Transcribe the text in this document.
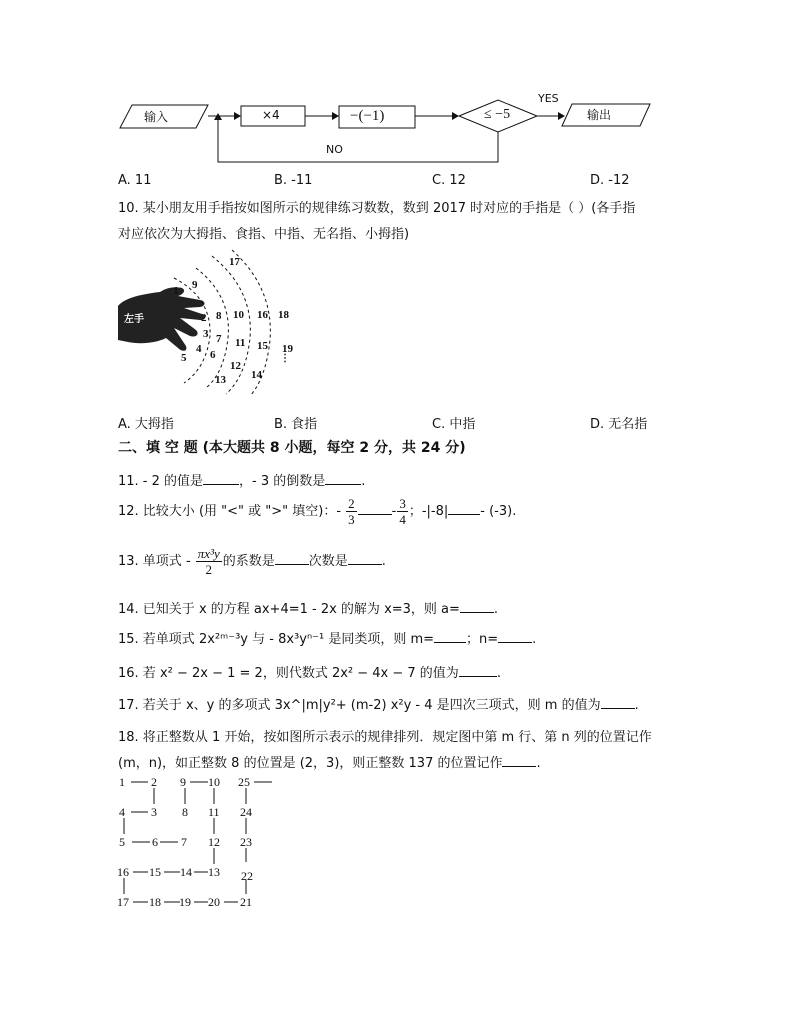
输入	×4	−(−1)	≤ −5	输出
YES
NO
A. 11	B. -11	C. 12	D. -12
10. 某小朋友用手指按如图所示的规律练习数数，数到 2017 时对应的手指是（ ）(各手指
对应依次为大拇指、食指、中指、无名指、小拇指)
左手
1
2
3
4
5 6
7
8
9
10
11
12
13 14
15
16
17
18
19
⋮
A. 大拇指	B. 食指	C. 中指	D. 无名指
二、填 空 题 (本大题共 8 小题，每空 2 分，共 24 分)
11. ‐ 2 的值是	，‐ 3 的倒数是	.
12. 比较大小 (用 "<" 或 ">" 填空)：‐ $\frac{2}{3}$	‐ $\frac{3}{4}$ ；‐|‐8| ‐ (‐3).
13. 单项式 ‐ $\frac{\text{πx³y}}{2}$ 的系数是	次数是	.
14. 已知关于 x 的方程 ax+4=1 ‐ 2x 的解为 x=3，则 a=	.
15. 若单项式 2x²ᵐ⁻³y 与 ‐ 8x³yⁿ⁻¹ 是同类项，则 m= ；n=	.
16. 若 x² − 2x − 1 = 2，则代数式 2x² − 4x − 7 的值为	.
17. 若关于 x、y 的多项式 3x^|m|y²+ (m‐2) x²y ‐ 4 是四次三项式，则 m 的值为	.
18. 将正整数从 1 开始，按如图所示表示的规律排列．规定图中第 m 行、第 n 列的位置记作
(m，n)，如正整数 8 的位置是 (2，3)，则正整数 137 的位置记作	.
1 2 9 10 25
4 3 8 11 24
5 6 7 12 23
16 15 14 13 22
17 18 19 20 21
